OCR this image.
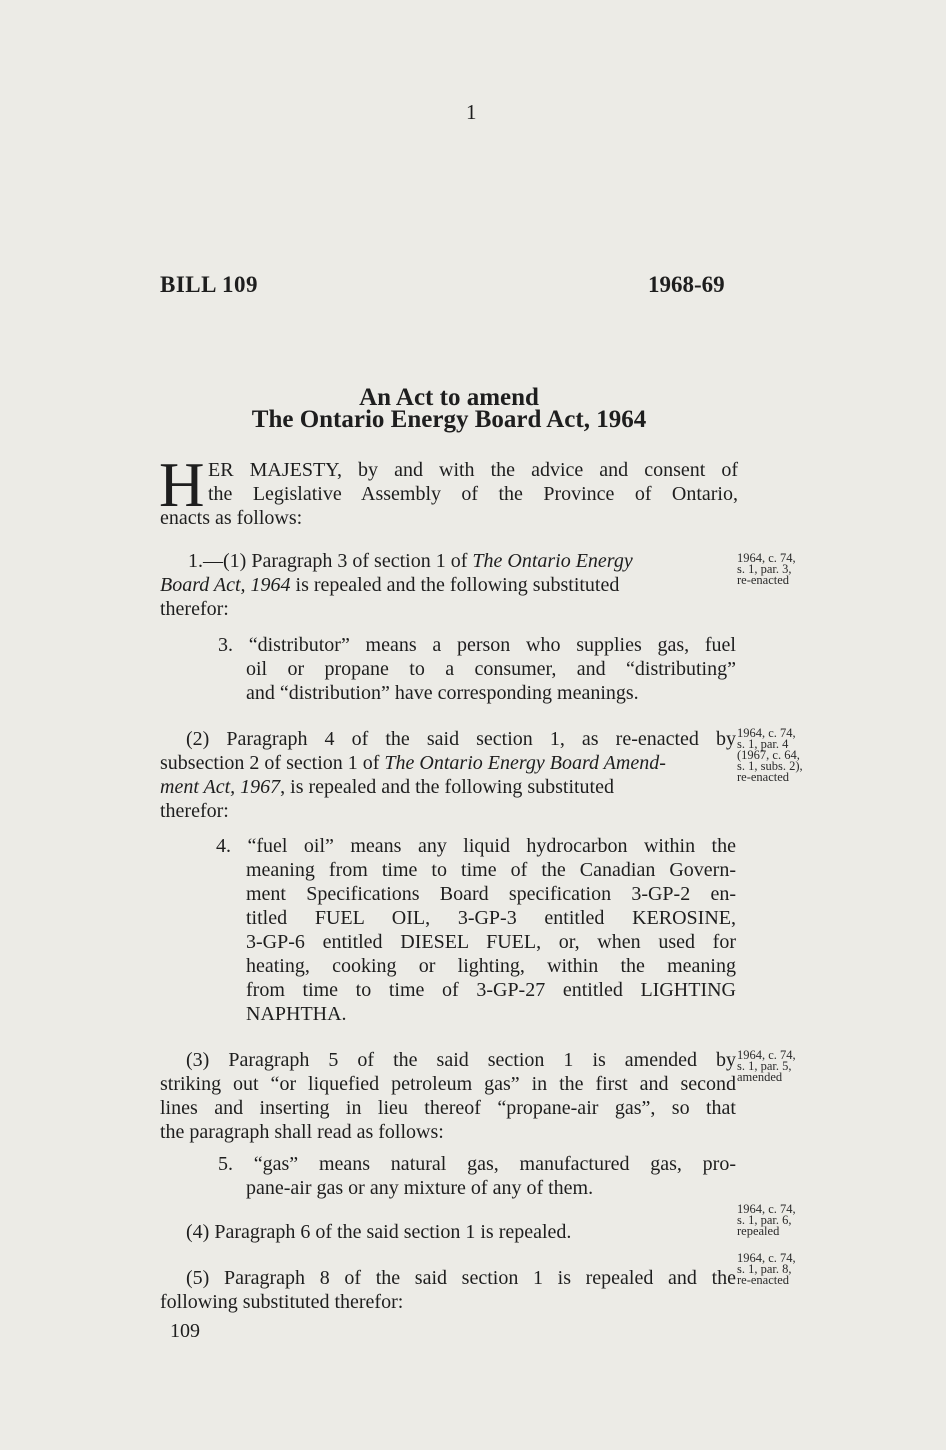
1
BILL 109	1968-69
An Act to amend
The Ontario Energy Board Act, 1964
H ER MAJESTY, by and with the advice and consent of
the Legislative Assembly of the Province of Ontario,
enacts as follows:
1.—(1) Paragraph 3 of section 1 of The Ontario Energy
Board Act, 1964 is repealed and the following substituted
therefor:
1964, c. 74,
s. 1, par. 3,
re-enacted
3. “distributor” means a person who supplies gas, fuel
oil or propane to a consumer, and “distributing”
and “distribution” have corresponding meanings.
(2) Paragraph 4 of the said section 1, as re-enacted by
subsection 2 of section 1 of The Ontario Energy Board Amend-
ment Act, 1967, is repealed and the following substituted
therefor:
1964, c. 74,
s. 1, par. 4
(1967, c. 64,
s. 1, subs. 2),
re-enacted
4. “fuel oil” means any liquid hydrocarbon within the
meaning from time to time of the Canadian Govern-
ment Specifications Board specification 3-GP-2 en-
titled FUEL OIL, 3-GP-3 entitled KEROSINE,
3-GP-6 entitled DIESEL FUEL, or, when used for
heating, cooking or lighting, within the meaning
from time to time of 3-GP-27 entitled LIGHTING
NAPHTHA.
(3) Paragraph 5 of the said section 1 is amended by
striking out “or liquefied petroleum gas” in the first and second
lines and inserting in lieu thereof “propane-air gas”, so that
the paragraph shall read as follows:
1964, c. 74,
s. 1, par. 5,
amended
5. “gas” means natural gas, manufactured gas, pro-
pane-air gas or any mixture of any of them.
(4) Paragraph 6 of the said section 1 is repealed.
1964, c. 74,
s. 1, par. 6,
repealed
(5) Paragraph 8 of the said section 1 is repealed and the
following substituted therefor:
1964, c. 74,
s. 1, par. 8,
re-enacted
109
